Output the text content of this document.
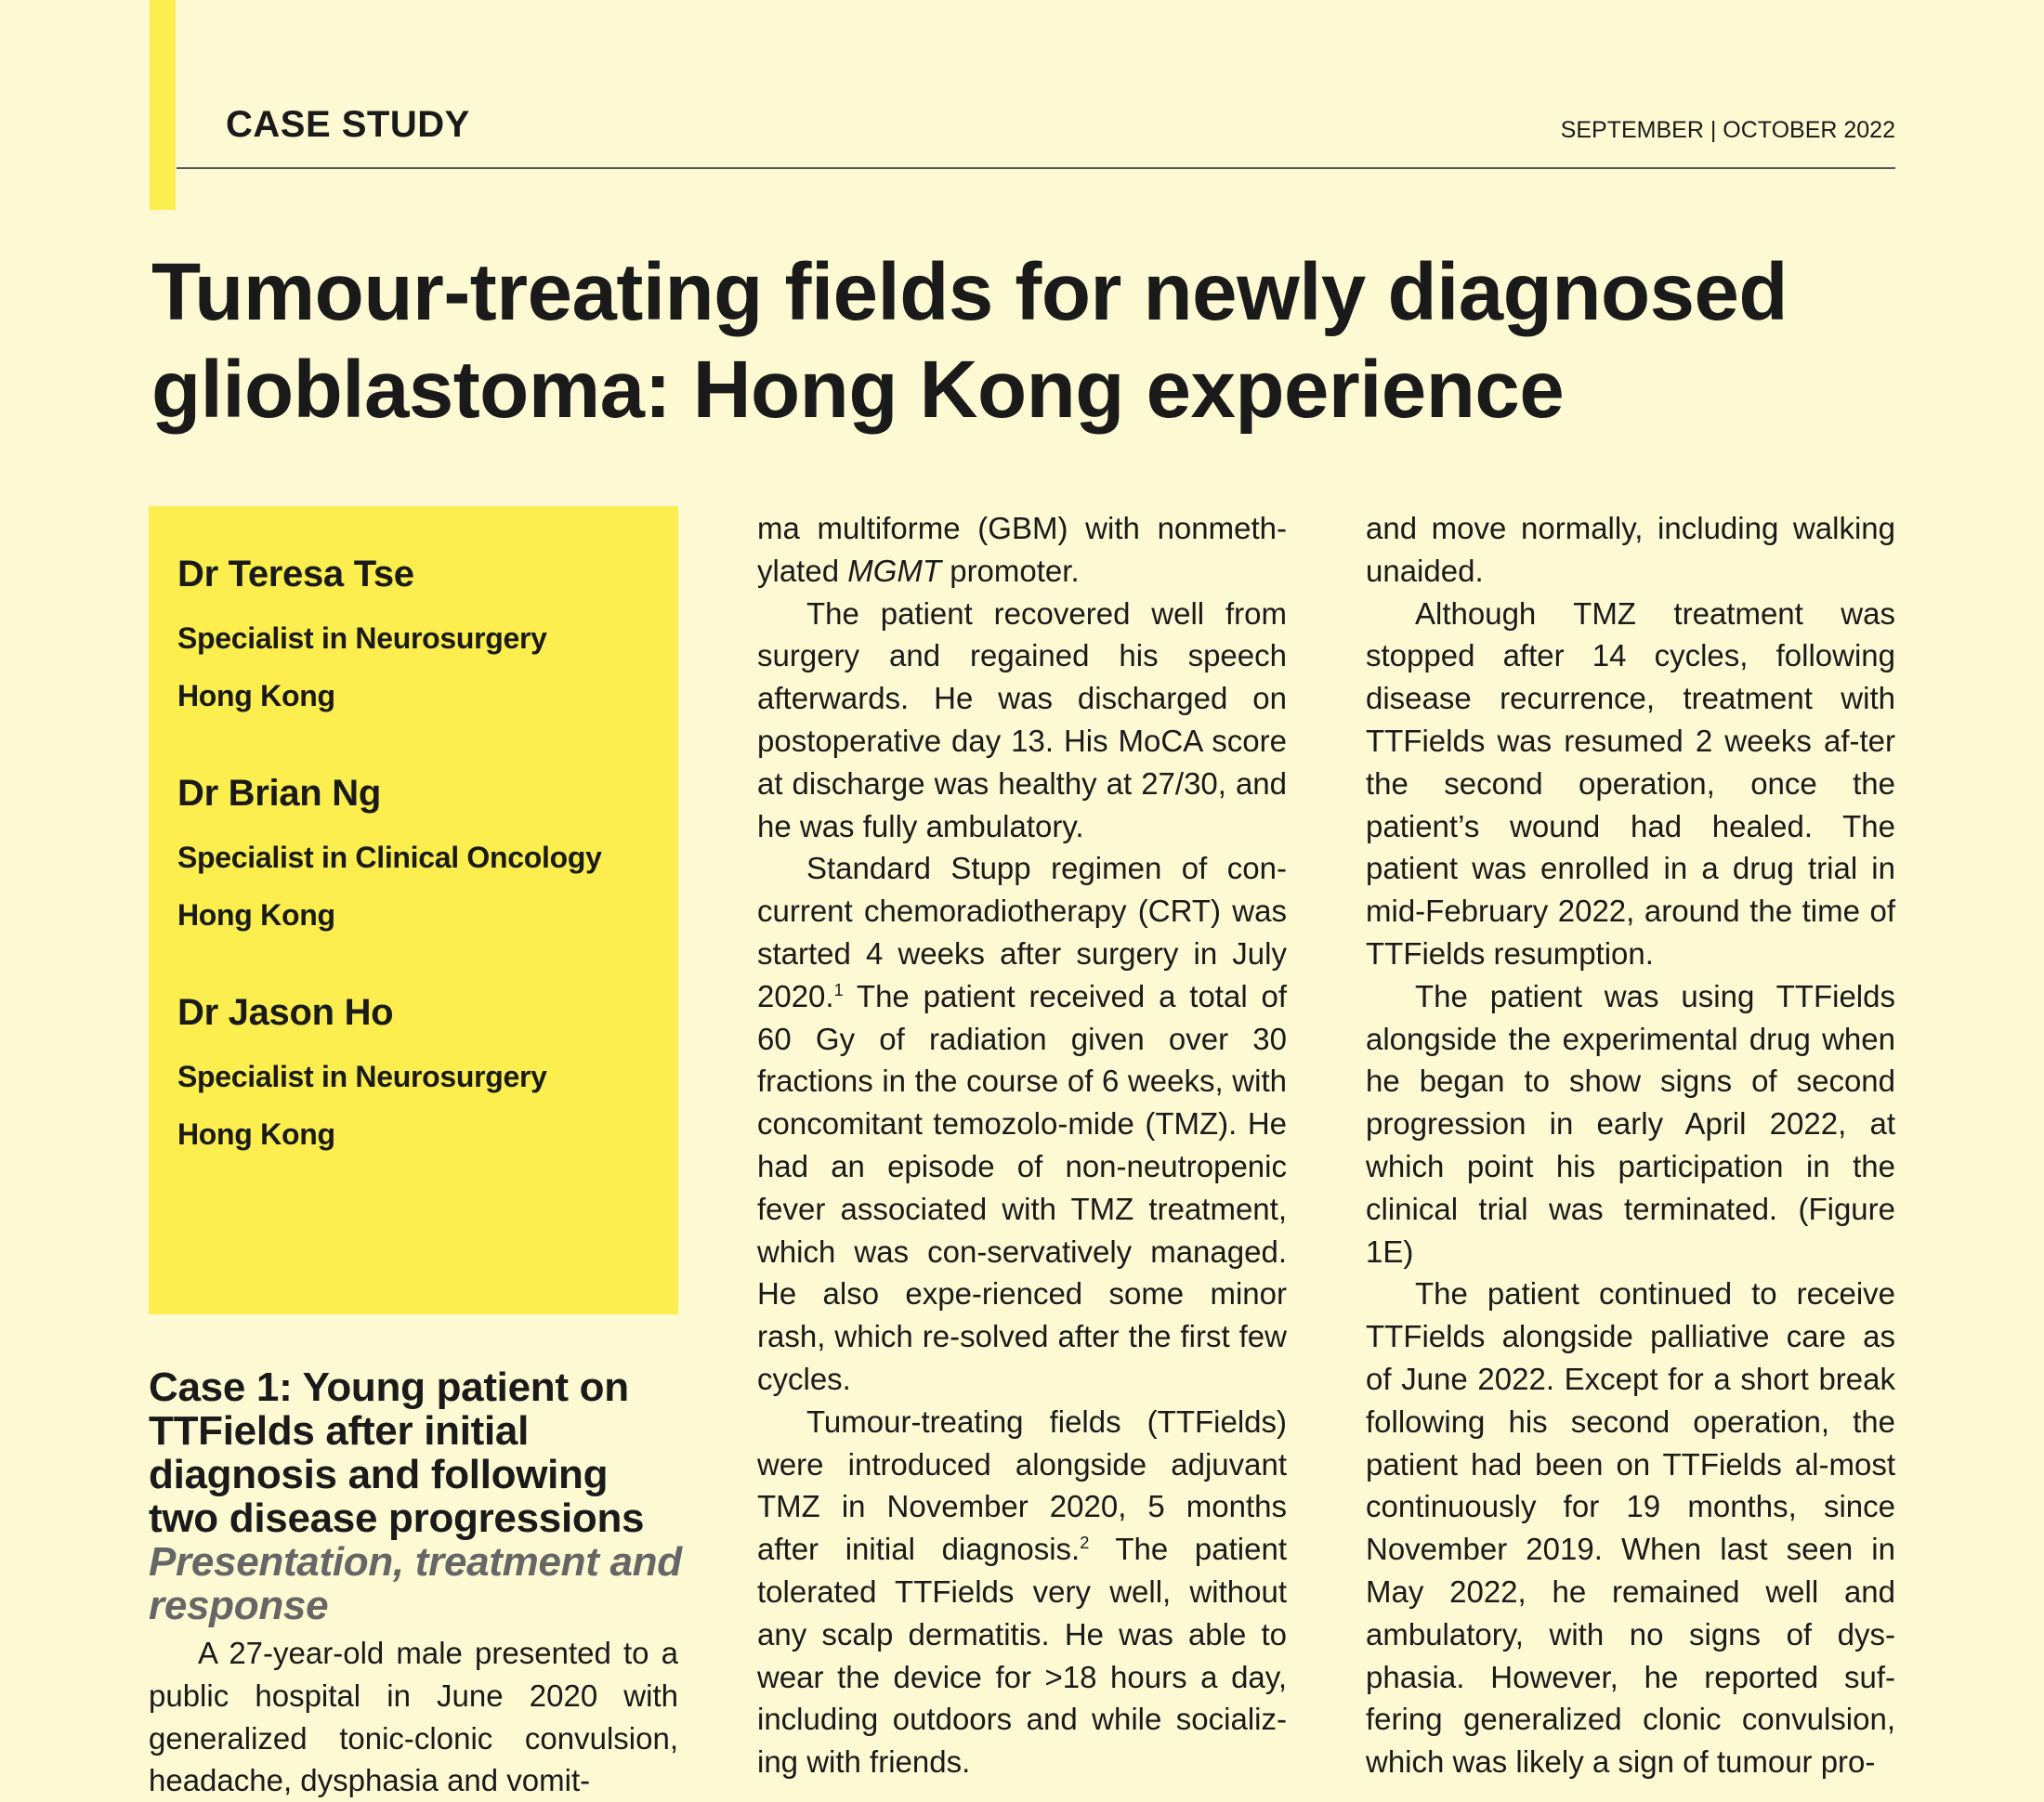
CASE STUDY	SEPTEMBER | OCTOBER 2022
Tumour-treating fields for newly diagnosed
glioblastoma: Hong Kong experience

Dr Teresa Tse

Specialist in Neurosurgery

Hong Kong

Dr Brian Ng

Specialist in Clinical Oncology

Hong Kong

Dr Jason Ho

Specialist in Neurosurgery

Hong Kong

Case 1: Young patient on TTFields after initial diagnosis and following two disease progressions
Presentation, treatment and response

A 27-year-old male presented to a public hospital in June 2020 with generalized tonic-clonic convulsion, headache, dysphasia and vomit-

ma multiforme (GBM) with nonmeth-ylated MGMT promoter.

The patient recovered well from surgery and regained his speech afterwards. He was discharged on postoperative day 13. His MoCA score at discharge was healthy at 27/30, and he was fully ambulatory.

Standard Stupp regimen of con-current chemoradiotherapy (CRT) was started 4 weeks after surgery in July 2020.$^1$ The patient received a total of 60 Gy of radiation given over 30 fractions in the course of 6 weeks, with concomitant temozolo-mide (TMZ). He had an episode of non-neutropenic fever associated with TMZ treatment, which was con-servatively managed. He also expe-rienced some minor rash, which re-solved after the first few cycles.

Tumour-treating fields (TTFields) were introduced alongside adjuvant TMZ in November 2020, 5 months after initial diagnosis.$^2$ The patient tolerated TTFields very well, without any scalp dermatitis. He was able to wear the device for >18 hours a day, including outdoors and while socializ-ing with friends.

and move normally, including walking unaided.

Although TMZ treatment was stopped after 14 cycles, following disease recurrence, treatment with TTFields was resumed 2 weeks af-ter the second operation, once the patient’s wound had healed. The patient was enrolled in a drug trial in mid-February 2022, around the time of TTFields resumption.

The patient was using TTFields alongside the experimental drug when he began to show signs of second progression in early April 2022, at which point his participation in the clinical trial was terminated. (Figure 1E)

The patient continued to receive TTFields alongside palliative care as of June 2022. Except for a short break following his second operation, the patient had been on TTFields al-most continuously for 19 months, since November 2019. When last seen in May 2022, he remained well and ambulatory, with no signs of dys-phasia. However, he reported suf-fering generalized clonic convulsion, which was likely a sign of tumour pro-
